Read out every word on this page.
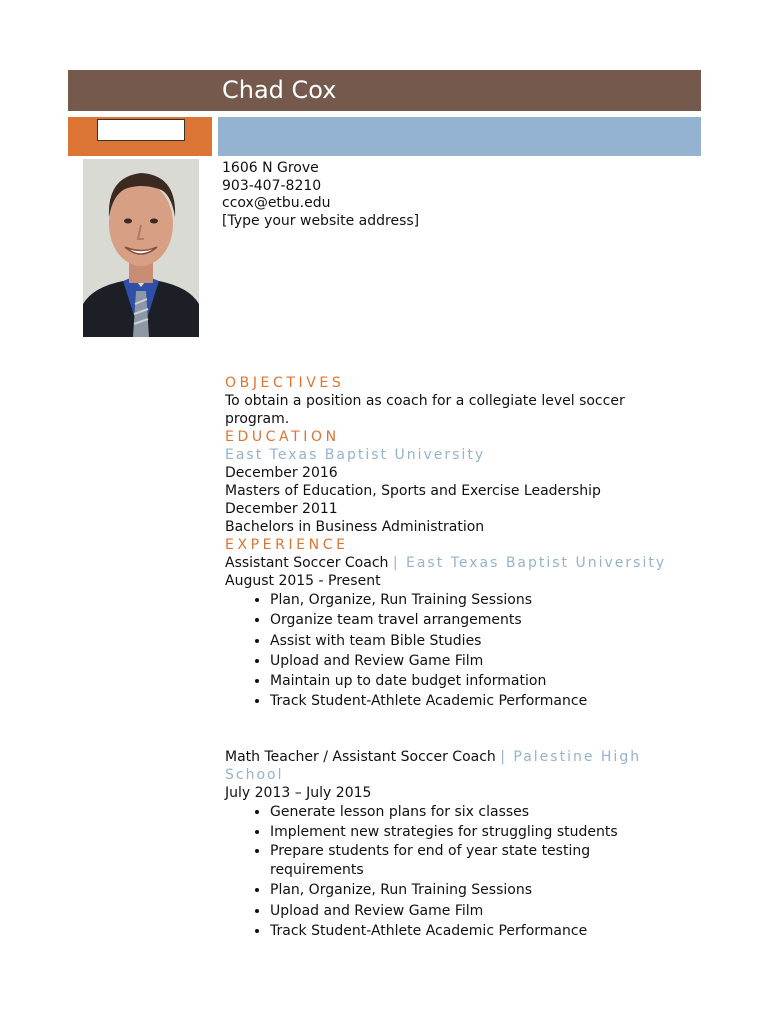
Chad Cox
1606 N Grove
903-407-8210
ccox@etbu.edu
[Type your website address]
OBJECTIVES
To obtain a position as coach for a collegiate level soccer program.
EDUCATION
East Texas Baptist University
December 2016
Masters of Education, Sports and Exercise Leadership
December 2011
Bachelors in Business Administration
EXPERIENCE
Assistant Soccer Coach | East Texas Baptist University
August 2015 - Present
• Plan, Organize, Run Training Sessions
• Organize team travel arrangements
• Assist with team Bible Studies
• Upload and Review Game Film
• Maintain up to date budget information
• Track Student-Athlete Academic Performance
Math Teacher / Assistant Soccer Coach | Palestine High School
July 2013 – July 2015
• Generate lesson plans for six classes
• Implement new strategies for struggling students
• Prepare students for end of year state testing requirements
• Plan, Organize, Run Training Sessions
• Upload and Review Game Film
• Track Student-Athlete Academic Performance
